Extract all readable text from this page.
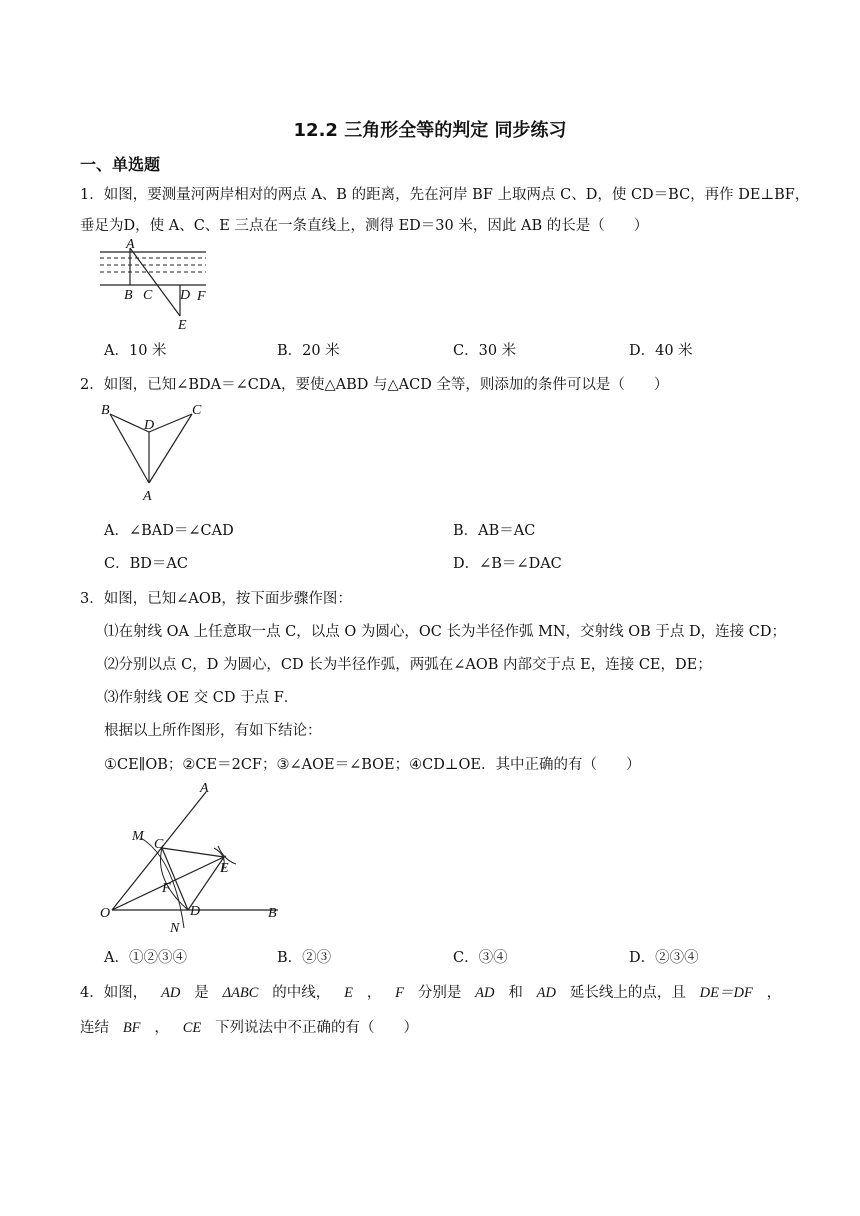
12.2 三角形全等的判定 同步练习
一、单选题
1．如图，要测量河两岸相对的两点 A、B 的距离，先在河岸 BF 上取两点 C、D，使 CD＝BC，再作 DE⊥BF，
垂足为D，使 A、C、E 三点在一条直线上，测得 ED＝30 米，因此 AB 的长是（　　）
A
B C D F
E
A．10 米	B．20 米	C．30 米	D．40 米
2．如图，已知∠BDA＝∠CDA，要使△ABD 与△ACD 全等，则添加的条件可以是（　　）
B	C
D
A
A．∠BAD＝∠CAD	B．AB＝AC
C．BD＝AC	D．∠B＝∠DAC
3．如图，已知∠AOB，按下面步骤作图：
⑴在射线 OA 上任意取一点 C，以点 O 为圆心，OC 长为半径作弧 MN，交射线 OB 于点 D，连接 CD；
⑵分别以点 C，D 为圆心，CD 长为半径作弧，两弧在∠AOB 内部交于点 E，连接 CE，DE；
⑶作射线 OE 交 CD 于点 F．
根据以上所作图形，有如下结论：
①CE∥OB；②CE＝2CF；③∠AOE＝∠BOE；④CD⊥OE．其中正确的有（　　）
A
M
C
E
F
O
N
D	B
A．①②③④	B．②③	C．③④	D．②③④
4．如图， AD 是 ΔABC 的中线， E ， F 分别是 AD 和 AD 延长线上的点，且 DE＝DF ，
连结 BF ， CE 下列说法中不正确的有（　　）
